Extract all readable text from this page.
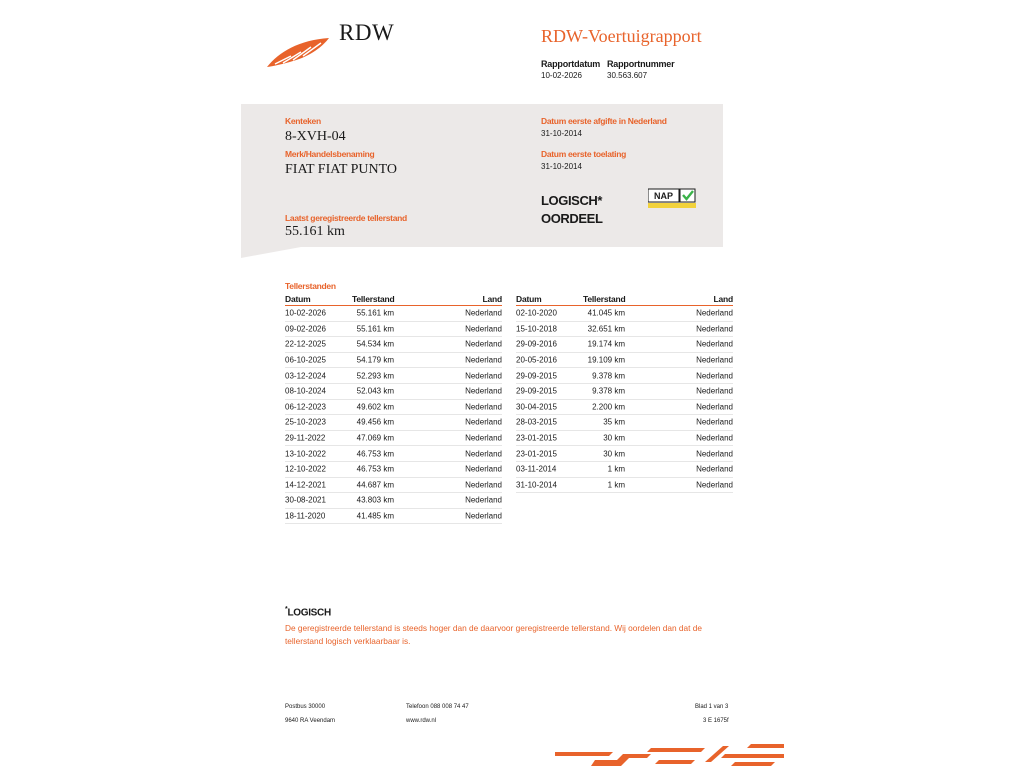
RDW	RDW-Voertuigrapport
Rapportdatum
10-02-2026
Rapportnummer
30.563.607
Kenteken
8-XVH-04
Merk/Handelsbenaming
FIAT FIAT PUNTO
Laatst geregistreerde tellerstand
55.161 km
Datum eerste afgifte in Nederland
31-10-2014
Datum eerste toelating
31-10-2014
LOGISCH*
OORDEEL
NAP
Tellerstanden
Datum	Tellerstand	Land
10-02-2026	55.161 km	Nederland
09-02-2026	55.161 km	Nederland
22-12-2025	54.534 km	Nederland
06-10-2025	54.179 km	Nederland
03-12-2024	52.293 km	Nederland
08-10-2024	52.043 km	Nederland
06-12-2023	49.602 km	Nederland
25-10-2023	49.456 km	Nederland
29-11-2022	47.069 km	Nederland
13-10-2022	46.753 km	Nederland
12-10-2022	46.753 km	Nederland
14-12-2021	44.687 km	Nederland
30-08-2021	43.803 km	Nederland
18-11-2020	41.485 km	Nederland
Datum	Tellerstand	Land
02-10-2020	41.045 km	Nederland
15-10-2018	32.651 km	Nederland
29-09-2016	19.174 km	Nederland
20-05-2016	19.109 km	Nederland
29-09-2015	9.378 km	Nederland
29-09-2015	9.378 km	Nederland
30-04-2015	2.200 km	Nederland
28-03-2015	35 km	Nederland
23-01-2015	30 km	Nederland
23-01-2015	30 km	Nederland
03-11-2014	1 km	Nederland
31-10-2014	1 km	Nederland
*LOGISCH
De geregistreerde tellerstand is steeds hoger dan de daarvoor geregistreerde tellerstand. Wij oordelen dan dat de tellerstand logisch verklaarbaar is.
Postbus 30000
9640 RA Veendam
Telefoon 088 008 74 47
www.rdw.nl
Blad 1 van 3
3 E 1675f
